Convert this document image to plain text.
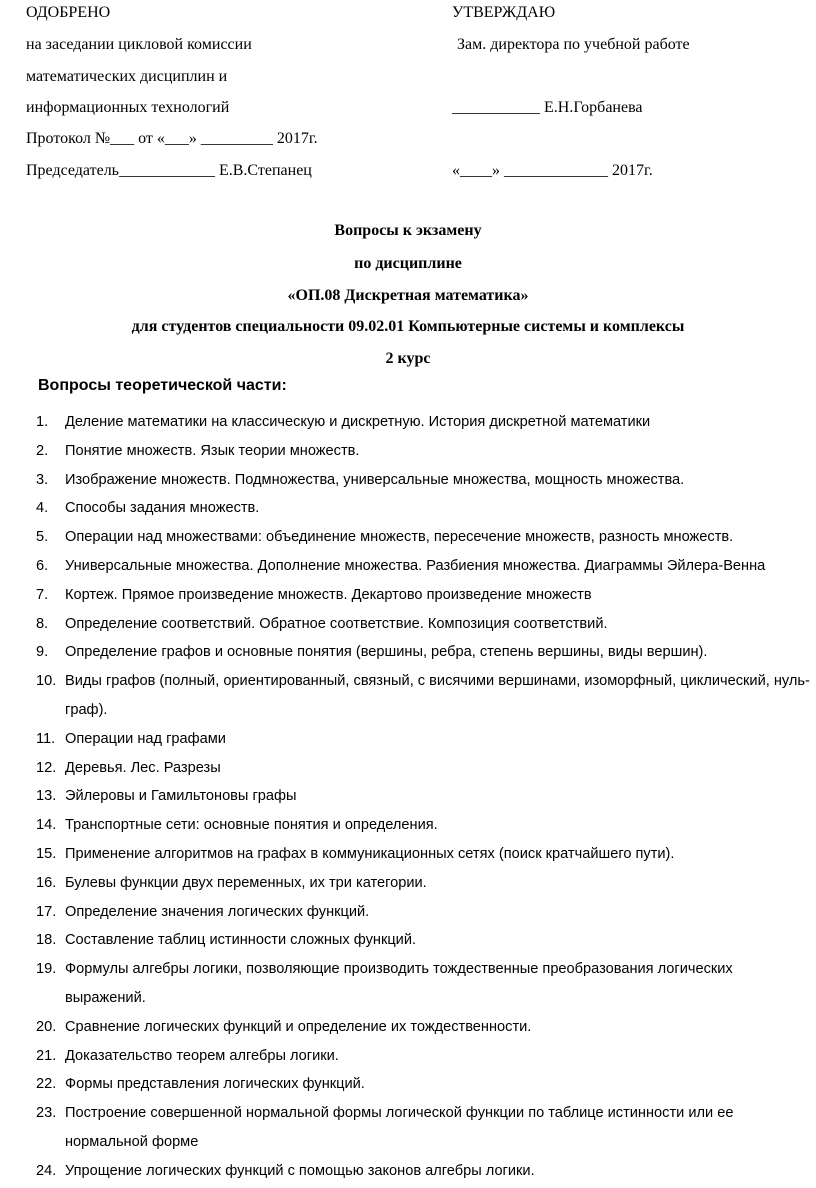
ОДОБРЕНО
на заседании цикловой комиссии
математических дисциплин и
информационных технологий
Протокол №___ от «___» _________ 2017г.
Председатель____________ Е.В.Степанец
УТВЕРЖДАЮ
Зам. директора по учебной работе
___________ Е.Н.Горбанева
«____» _____________ 2017г.
Вопросы к экзамену
по дисциплине
«ОП.08 Дискретная математика»
для студентов специальности 09.02.01 Компьютерные системы и комплексы
2 курс
Вопросы теоретической части:
1. Деление математики на классическую и дискретную. История дискретной математики
2. Понятие множеств. Язык теории множеств.
3. Изображение множеств. Подмножества, универсальные множества, мощность множества.
4. Способы задания множеств.
5. Операции над множествами: объединение множеств, пересечение множеств, разность множеств.
6. Универсальные множества. Дополнение множества. Разбиения множества. Диаграммы Эйлера-Венна
7. Кортеж. Прямое произведение множеств. Декартово произведение множеств
8. Определение соответствий. Обратное соответствие. Композиция соответствий.
9. Определение графов и основные понятия (вершины, ребра, степень вершины, виды вершин).
10. Виды графов (полный, ориентированный, связный, с висячими вершинами, изоморфный, циклический, нуль-граф).
11. Операции над графами
12. Деревья. Лес. Разрезы
13. Эйлеровы и Гамильтоновы графы
14. Транспортные сети: основные понятия и определения.
15. Применение алгоритмов на графах в коммуникационных сетях (поиск кратчайшего пути).
16. Булевы функции двух переменных, их три категории.
17. Определение значения логических функций.
18. Составление таблиц истинности сложных функций.
19. Формулы алгебры логики, позволяющие производить тождественные преобразования логических выражений.
20. Сравнение логических функций и определение их тождественности.
21. Доказательство теорем алгебры логики.
22. Формы представления логических функций.
23. Построение совершенной нормальной формы логической функции по таблице истинности или ее нормальной форме
24. Упрощение логических функций с помощью законов алгебры логики.
